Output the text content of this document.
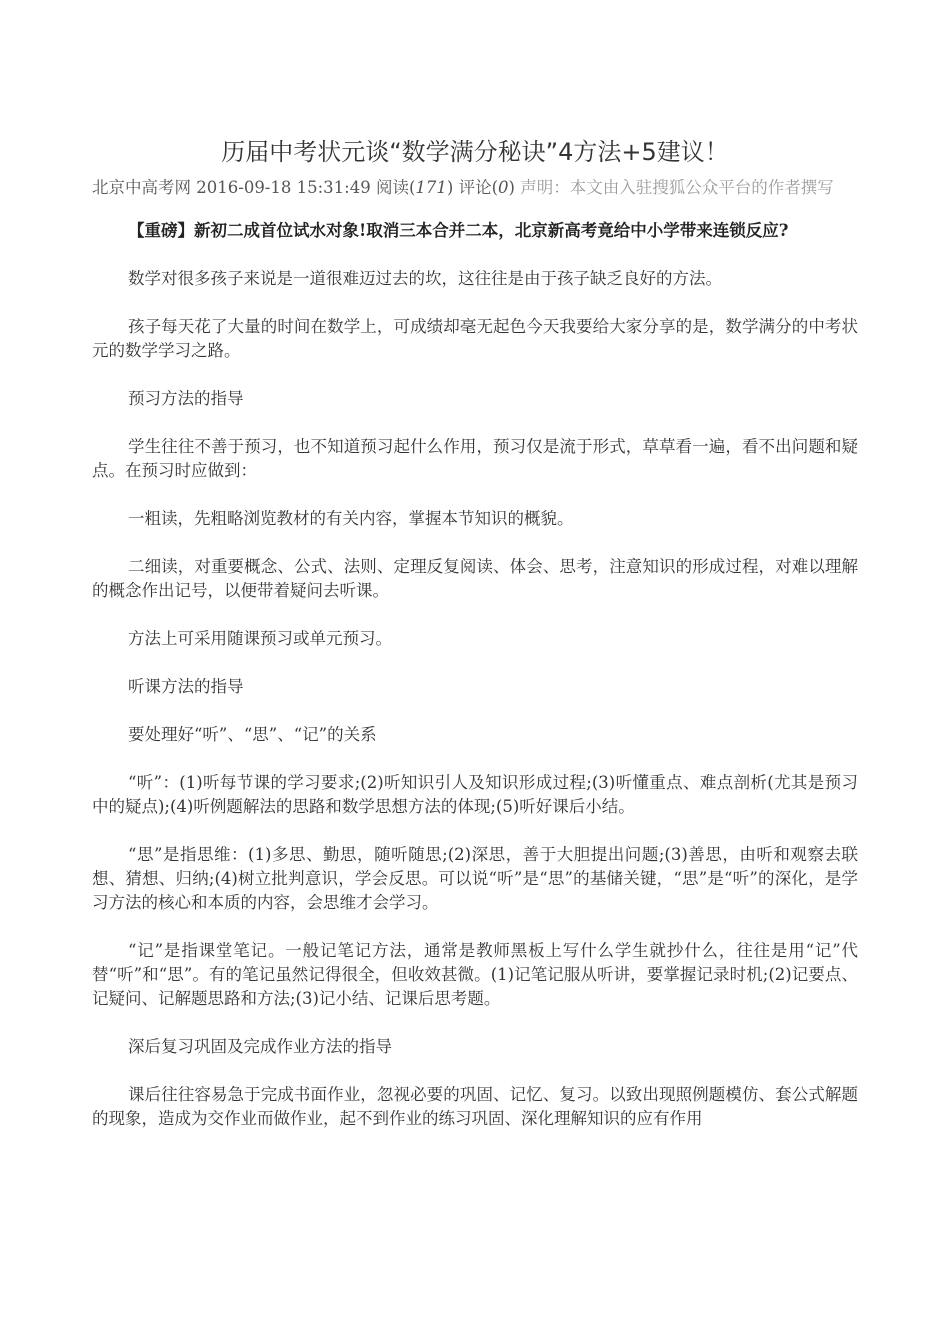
历届中考状元谈“数学满分秘诀”4方法+5建议！
北京中高考网 2016-09-18 15:31:49 阅读(171) 评论(0) 声明：本文由入驻搜狐公众平台的作者撰写

【重磅】新初二成首位试水对象!取消三本合并二本，北京新高考竟给中小学带来连锁反应?

数学对很多孩子来说是一道很难迈过去的坎，这往往是由于孩子缺乏良好的方法。

孩子每天花了大量的时间在数学上，可成绩却毫无起色今天我要给大家分享的是，数学满分的中考状元的数学学习之路。

预习方法的指导

学生往往不善于预习，也不知道预习起什么作用，预习仅是流于形式，草草看一遍，看不出问题和疑点。在预习时应做到：

一粗读，先粗略浏览教材的有关内容，掌握本节知识的概貌。

二细读，对重要概念、公式、法则、定理反复阅读、体会、思考，注意知识的形成过程，对难以理解的概念作出记号，以便带着疑问去听课。

方法上可采用随课预习或单元预习。

听课方法的指导

要处理好“听”、“思”、“记”的关系

“听”：(1)听每节课的学习要求;(2)听知识引人及知识形成过程;(3)听懂重点、难点剖析(尤其是预习中的疑点);(4)听例题解法的思路和数学思想方法的体现;(5)听好课后小结。

“思”是指思维：(1)多思、勤思，随听随思;(2)深思，善于大胆提出问题;(3)善思，由听和观察去联想、猜想、归纳;(4)树立批判意识，学会反思。可以说“听”是“思”的基储关键，“思”是“听”的深化，是学习方法的核心和本质的内容，会思维才会学习。

“记”是指课堂笔记。一般记笔记方法，通常是教师黑板上写什么学生就抄什么，往往是用“记”代替“听”和“思”。有的笔记虽然记得很全，但收效甚微。(1)记笔记服从听讲，要掌握记录时机;(2)记要点、记疑问、记解题思路和方法;(3)记小结、记课后思考题。

深后复习巩固及完成作业方法的指导

课后往往容易急于完成书面作业，忽视必要的巩固、记忆、复习。以致出现照例题模仿、套公式解题的现象，造成为交作业而做作业，起不到作业的练习巩固、深化理解知识的应有作用
